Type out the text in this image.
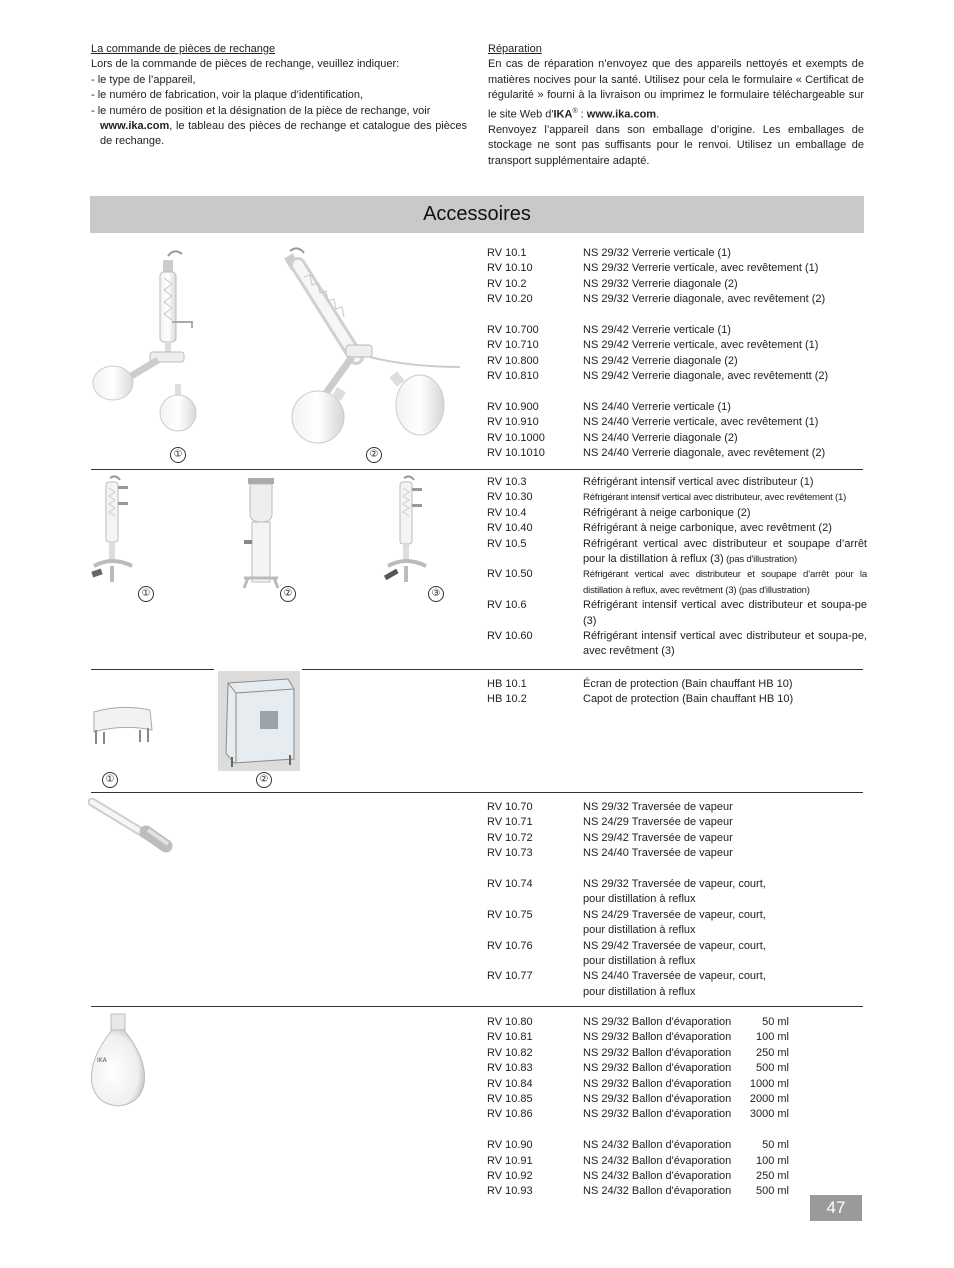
La commande de pièces de rechange
Lors de la commande de pièces de rechange, veuillez indiquer:
- le type de l’appareil,
- le numéro de fabrication, voir la plaque d’identification,
- le numéro de position et la désignation de la pièce de rechange, voir
www.ika.com, le tableau des pièces de rechange et catalogue des pièces de rechange.
Réparation
En cas de réparation n’envoyez que des appareils nettoyés et exempts de matières nocives pour la santé. Utilisez pour cela le formulaire « Certificat de régularité » fourni à la livraison ou imprimez le formulaire téléchargeable sur le site Web d'IKA® : www.ika.com.
Renvoyez l’appareil dans son emballage d’origine. Les emballages de stockage ne sont pas suffisants pour le renvoi. Utilisez un emballage de transport supplémentaire adapté.
Accessoires
①	②
RV 10.1	NS 29/32 Verrerie verticale (1)
RV 10.10	NS 29/32 Verrerie verticale, avec revêtement (1)
RV 10.2	NS 29/32 Verrerie diagonale (2)
RV 10.20	NS 29/32 Verrerie diagonale, avec revêtement (2)
RV 10.700	NS 29/42 Verrerie verticale (1)
RV 10.710	NS 29/42 Verrerie verticale, avec revêtement (1)
RV 10.800	NS 29/42 Verrerie diagonale (2)
RV 10.810	NS 29/42 Verrerie diagonale, avec revêtementt (2)
RV 10.900	NS 24/40 Verrerie verticale (1)
RV 10.910	NS 24/40 Verrerie verticale, avec revêtement (1)
RV 10.1000	NS 24/40 Verrerie diagonale (2)
RV 10.1010	NS 24/40 Verrerie diagonale, avec revêtement (2)
①	②	③
RV 10.3	Réfrigérant intensif vertical avec distributeur (1)
RV 10.30	Réfrigérant intensif vertical avec distributeur, avec revêtement (1)
RV 10.4	Réfrigérant à neige carbonique (2)
RV 10.40	Réfrigérant à neige carbonique, avec revêtment (2)
RV 10.5	Réfrigérant vertical avec distributeur et soupape d’arrêt pour la distillation à reflux (3) (pas d'illustration)
RV 10.50	Réfrigérant vertical avec distributeur et soupape d’arrêt pour la distillation à reflux, avec revêtment (3) (pas d'illustration)
RV 10.6	Réfrigérant intensif vertical avec distributeur et soupa-pe (3)
RV 10.60	Réfrigérant intensif vertical avec distributeur et soupa-pe, avec revêtment (3)
①	②
HB 10.1	Écran de protection (Bain chauffant HB 10)
HB 10.2	Capot de protection (Bain chauffant HB 10)
RV 10.70	NS 29/32 Traversée de vapeur
RV 10.71	NS 24/29 Traversée de vapeur
RV 10.72	NS 29/42 Traversée de vapeur
RV 10.73	NS 24/40 Traversée de vapeur
RV 10.74	NS 29/32 Traversée de vapeur, court,
pour distillation à reflux
RV 10.75	NS 24/29 Traversée de vapeur, court,
pour distillation à reflux
RV 10.76	NS 29/42 Traversée de vapeur, court,
pour distillation à reflux
RV 10.77	NS 24/40 Traversée de vapeur, court,
pour distillation à reflux
IKA
RV 10.80	NS 29/32 Ballon d'évaporation	50 ml
RV 10.81	NS 29/32 Ballon d'évaporation	100 ml
RV 10.82	NS 29/32 Ballon d'évaporation	250 ml
RV 10.83	NS 29/32 Ballon d'évaporation	500 ml
RV 10.84	NS 29/32 Ballon d'évaporation	1000 ml
RV 10.85	NS 29/32 Ballon d'évaporation	2000 ml
RV 10.86	NS 29/32 Ballon d'évaporation	3000 ml
RV 10.90	NS 24/32 Ballon d'évaporation	50 ml
RV 10.91	NS 24/32 Ballon d'évaporation	100 ml
RV 10.92	NS 24/32 Ballon d'évaporation	250 ml
RV 10.93	NS 24/32 Ballon d'évaporation	500 ml
47
